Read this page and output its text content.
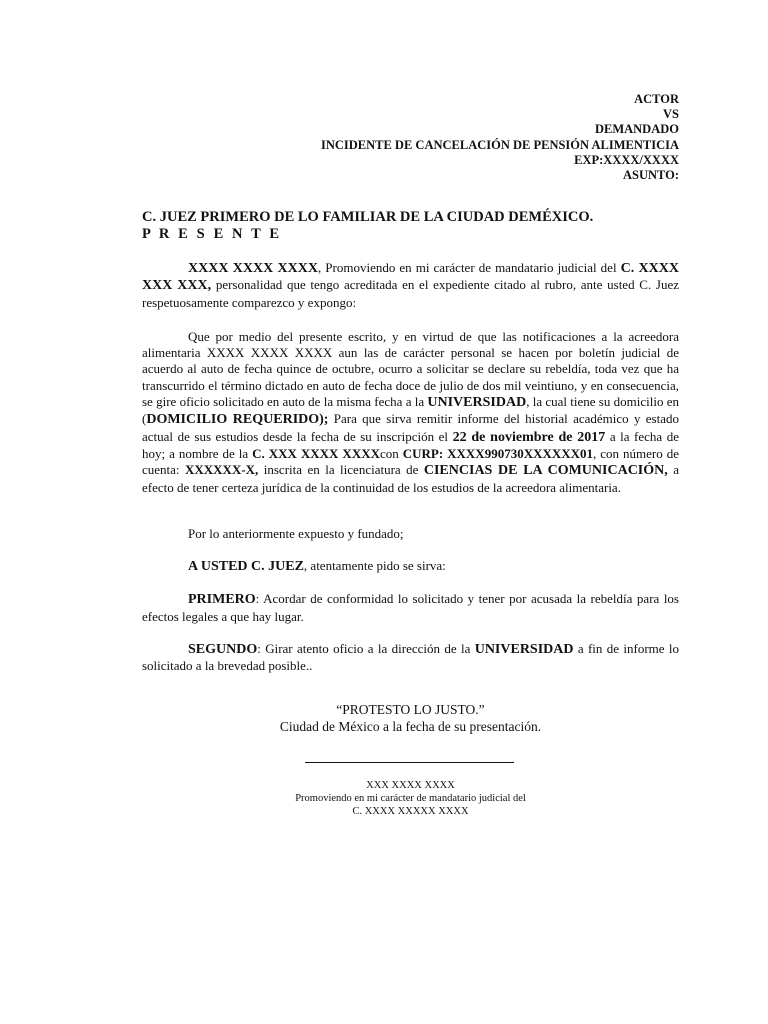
ACTOR
VS
DEMANDADO
INCIDENTE DE CANCELACIÓN DE PENSIÓN ALIMENTICIA
EXP:XXXX/XXXX
ASUNTO:
C. JUEZ PRIMERO DE LO FAMILIAR DE LA CIUDAD DEMÉXICO.
P R E S E N T E

XXXX XXXX XXXX, Promoviendo en mi carácter de mandatario judicial del C. XXXX XXX XXX, personalidad que tengo acreditada en el expediente citado al rubro, ante usted C. Juez respetuosamente comparezco y expongo:

Que por medio del presente escrito, y en virtud de que las notificaciones a la acreedora alimentaria XXXX XXXX XXXX aun las de carácter personal se hacen por boletín judicial de acuerdo al auto de fecha quince de octubre, ocurro a solicitar se declare su rebeldía, toda vez que ha transcurrido el término dictado en auto de fecha doce de julio de dos mil veintiuno, y en consecuencia, se gire oficio solicitado en auto de la misma fecha a la UNIVERSIDAD, la cual tiene su domicilio en (DOMICILIO REQUERIDO); Para que sirva remitir informe del historial académico y estado actual de sus estudios desde la fecha de su inscripción el 22 de noviembre de 2017 a la fecha de hoy; a nombre de la C. XXX XXXX XXXXcon CURP: XXXX990730XXXXXX01, con número de cuenta: XXXXXX-X, inscrita en la licenciatura de CIENCIAS DE LA COMUNICACIÓN, a efecto de tener certeza jurídica de la continuidad de los estudios de la acreedora alimentaria.

Por lo anteriormente expuesto y fundado;

A USTED C. JUEZ, atentamente pido se sirva:

PRIMERO: Acordar de conformidad lo solicitado y tener por acusada la rebeldía para los efectos legales a que hay lugar.

SEGUNDO: Girar atento oficio a la dirección de la UNIVERSIDAD a fin de informe lo solicitado a la brevedad posible..

“PROTESTO LO JUSTO.”
Ciudad de México a la fecha de su presentación.
.
XXX XXXX XXXX
Promoviendo en mi carácter de mandatario judicial del
C. XXXX XXXXX XXXX
